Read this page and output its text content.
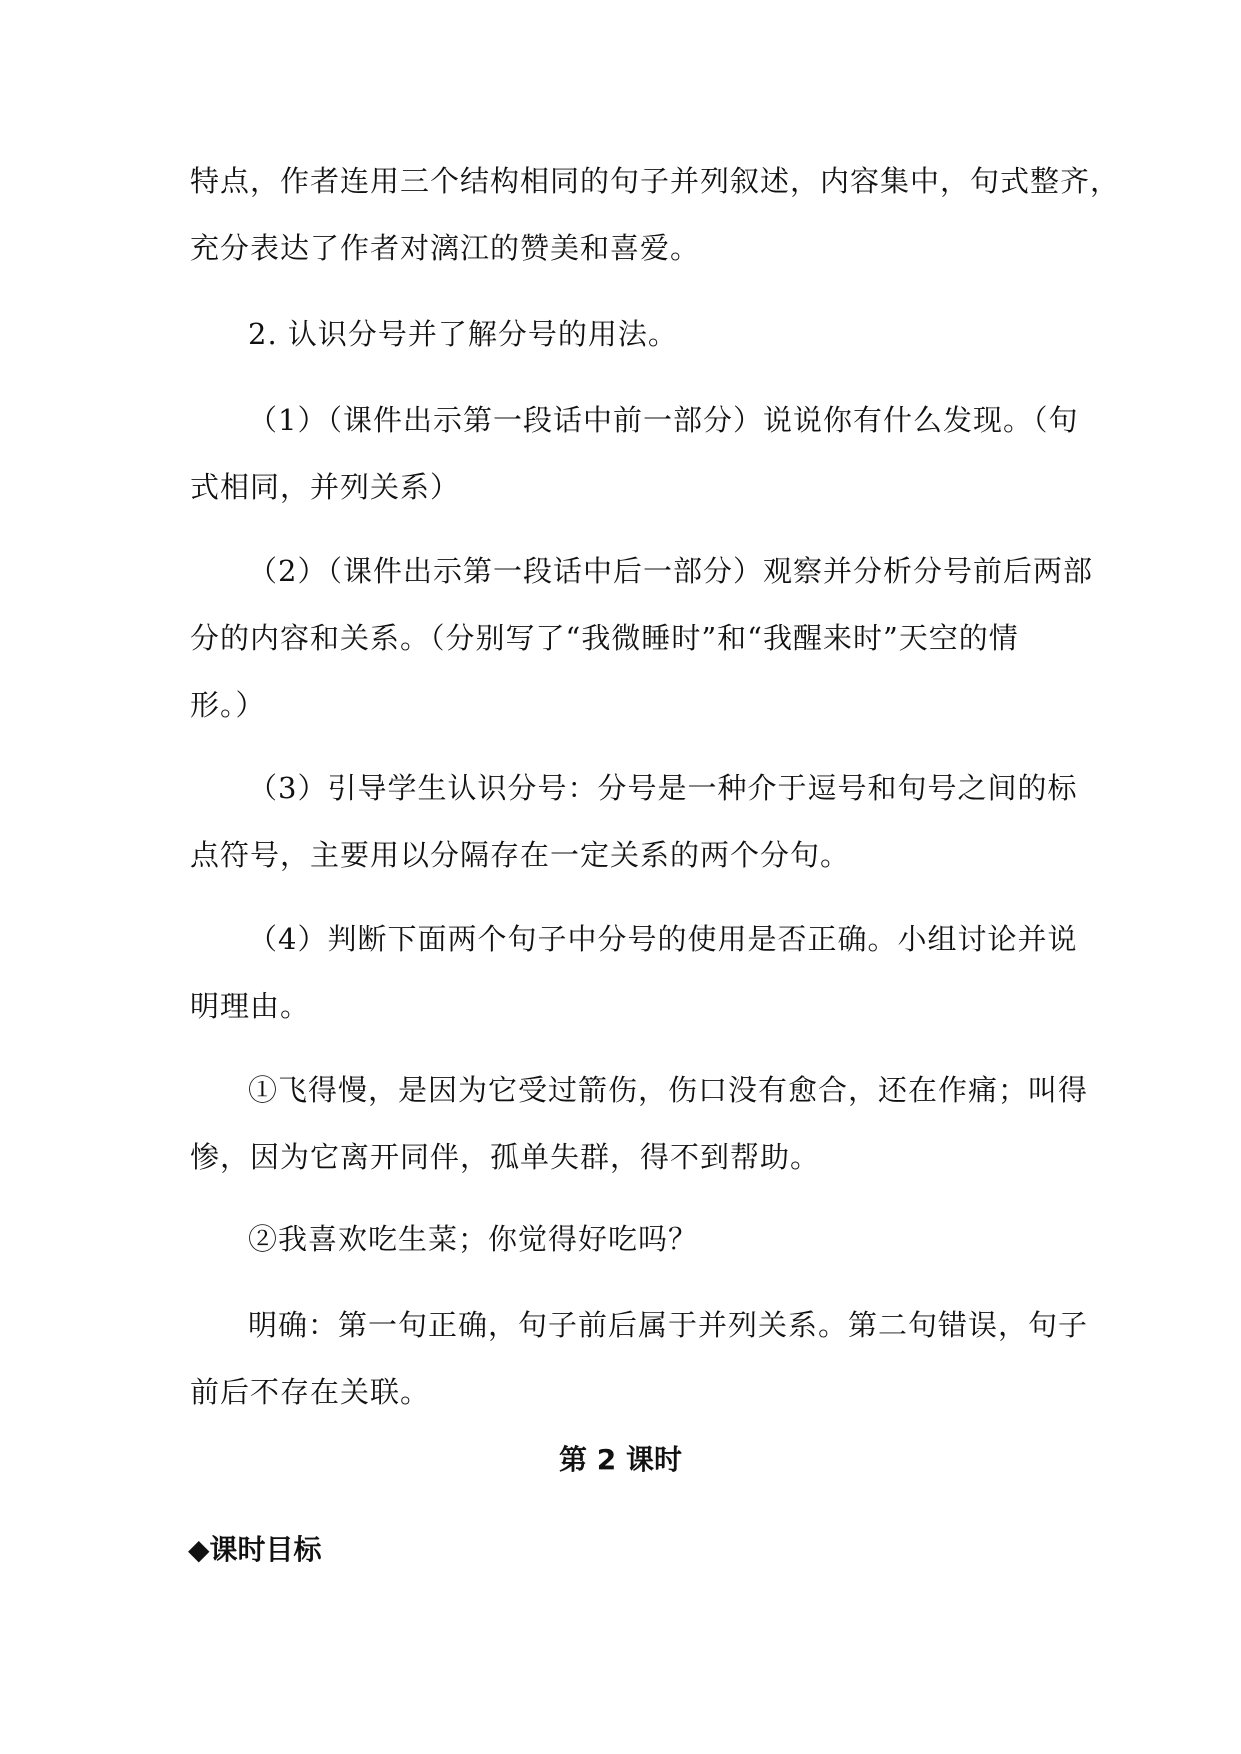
特点，作者连用三个结构相同的句子并列叙述，内容集中，句式整齐，
充分表达了作者对漓江的赞美和喜爱。
2. 认识分号并了解分号的用法。
（1）（课件出示第一段话中前一部分）说说你有什么发现。（句
式相同，并列关系）
（2）（课件出示第一段话中后一部分）观察并分析分号前后两部
分的内容和关系。（分别写了“我微睡时”和“我醒来时”天空的情
形。）
（3）引导学生认识分号：分号是一种介于逗号和句号之间的标
点符号，主要用以分隔存在一定关系的两个分句。
（4）判断下面两个句子中分号的使用是否正确。小组讨论并说
明理由。
①飞得慢，是因为它受过箭伤，伤口没有愈合，还在作痛；叫得
惨，因为它离开同伴，孤单失群，得不到帮助。
②我喜欢吃生菜；你觉得好吃吗？
明确：第一句正确，句子前后属于并列关系。第二句错误，句子
前后不存在关联。
第 2 课时
◆课时目标
